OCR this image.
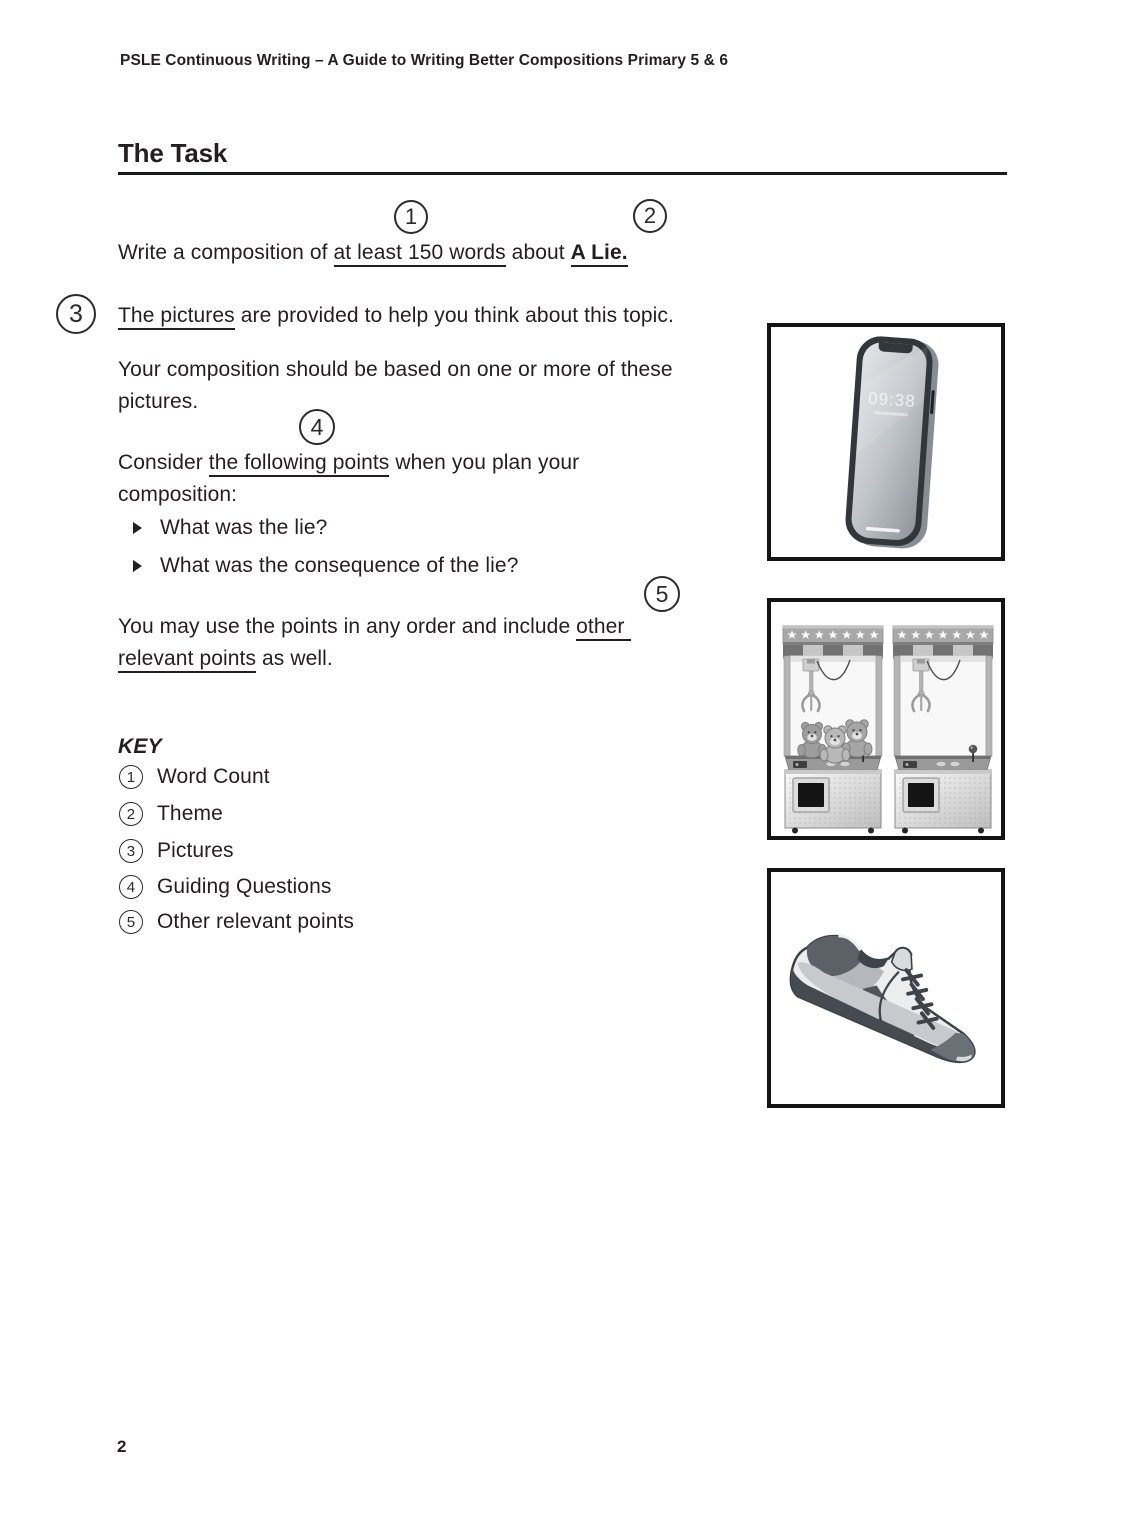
PSLE Continuous Writing – A Guide to Writing Better Compositions Primary 5 & 6
The Task
1	2
3
4
5

Write a composition of at least 150 words about A Lie.

The pictures are provided to help you think about this topic.

Your composition should be based on one or more of these

pictures.

Consider the following points when you plan your

composition:

What was the lie?

What was the consequence of the lie?

You may use the points in any order and include other

relevant points as well.

KEY
1	Word Count
2	Theme
3	Pictures
4	Guiding Questions
5	Other relevant points
09:38
2
